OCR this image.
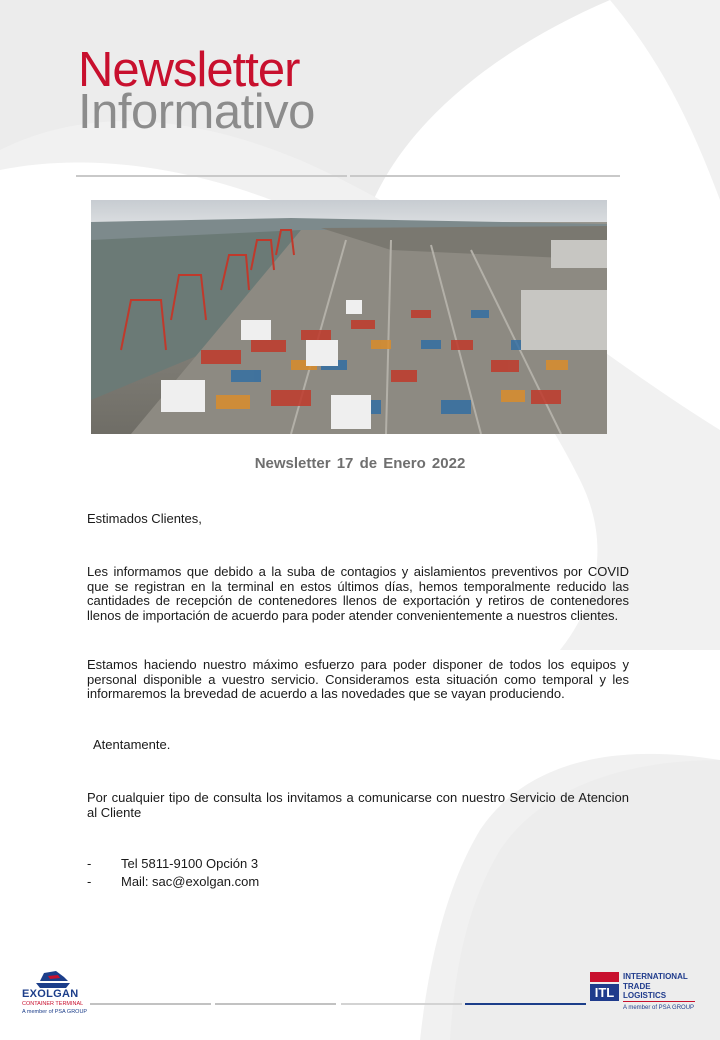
Newsletter
Informativo
Newsletter 17 de Enero 2022
Estimados Clientes,
Les informamos que debido a la suba de contagios y aislamientos preventivos por COVID que se registran en la terminal en estos últimos días, hemos temporalmente reducido las cantidades de recepción de contenedores llenos de exportación y retiros de contenedores llenos de importación de acuerdo para poder atender convenientemente a nuestros clientes.
Estamos haciendo nuestro máximo esfuerzo para poder disponer de todos los equipos y personal disponible a vuestro servicio. Consideramos esta situación como temporal y les informaremos la brevedad de acuerdo a las novedades que se vayan produciendo.
Atentamente.
Por cualquier tipo de consulta los invitamos a comunicarse con nuestro Servicio de Atencion al Cliente
- Tel 5811-9100 Opción 3
- Mail: sac@exolgan.com
EXOLGAN
CONTAINER TERMINAL
A member of PSA GROUP
ITL
INTERNATIONAL
TRADE
LOGISTICS
A member of PSA GROUP
